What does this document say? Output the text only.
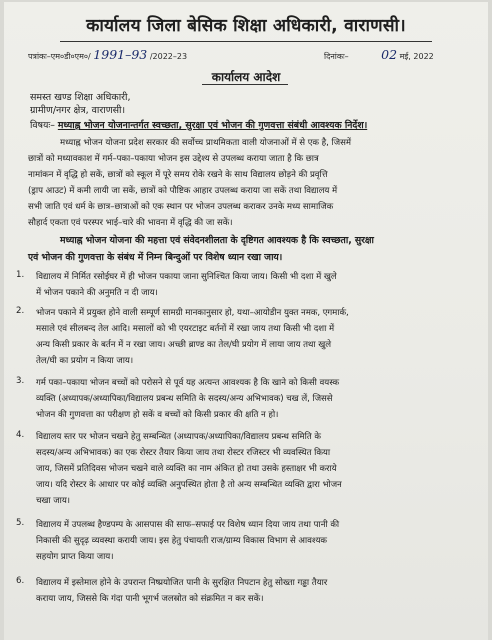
कार्यालय जिला बेसिक शिक्षा अधिकारी, वाराणसी।
पत्रांकः–एम०डी०एम०/ 1991–93 /2022–23	दिनांकः–	02 मई, 2022
कार्यालय आदेश
समस्त खण्ड शिक्षा अधिकारी,
ग्रामीण/नगर क्षेत्र, वाराणसी।
विषयः– मध्याह्न भोजन योजनान्तर्गत स्वच्छता, सुरक्षा एवं भोजन की गुणवत्ता संबंधी आवश्यक निर्देश।
मध्याह्न भोजन योजना प्रदेश सरकार की सर्वोच्च प्राथमिकता वाली योजनाओं में से एक है, जिसमें
छात्रों को मध्यावकाश में गर्म–पका–पकाया भोजन इस उद्देश्य से उपलब्ध कराया जाता है कि छात्र
नामांकन में वृद्धि हो सकें, छात्रों को स्कूल में पूरे समय रोके रखने के साथ विद्यालय छोड़ने की प्रवृत्ति
(ड्राप आउट) में कमी लायी जा सकें, छात्रों को पौष्टिक आहार उपलब्ध कराया जा सकें तथा विद्यालय में
सभी जाति एवं धर्म के छात्र–छात्राओं को एक स्थान पर भोजन उपलब्ध कराकर उनके मध्य सामाजिक
सौहार्द एकता एवं परस्पर भाई–चारे की भावना में वृद्धि की जा सकें।
मध्याह्न भोजन योजना की महत्ता एवं संवेदनशीलता के दृष्टिगत आवश्यक है कि स्वच्छता, सुरक्षा
एवं भोजन की गुणवत्ता के संबंध में निम्न बिन्दुओं पर विशेष ध्यान रखा जाय।
1. विद्यालय में निर्मित रसोईघर में ही भोजन पकाया जाना सुनिश्चित किया जाय। किसी भी दशा में खुले
में भोजन पकाने की अनुमति न दी जाय।
2. भोजन पकाने में प्रयुक्त होने वाली सम्पूर्ण सामग्री मानकानुसार हो, यथा–आयोडीन युक्त नमक, एगमार्क,
मसाले एवं सीलबन्द तेल आदि। मसालों को भी एयरटाइट बर्तनों में रखा जाय तथा किसी भी दशा में
अन्य किसी प्रकार के बर्तन में न रखा जाय। अच्छी ब्राण्ड का तेल/घी प्रयोग में लाया जाय तथा खुले
तेल/घी का प्रयोग न किया जाय।
3. गर्म पका–पकाया भोजन बच्चों को परोसने से पूर्व यह अत्यन्त आवश्यक है कि खाने को किसी वयस्क
व्यक्ति (अध्यापक/अध्यापिका/विद्यालय प्रबन्ध समिति के सदस्य/अन्य अभिभावक) चख लें, जिससे
भोजन की गुणवत्ता का परीक्षण हो सकें व बच्चों को किसी प्रकार की क्षति न हो।
4. विद्यालय स्तर पर भोजन चखने हेतु सम्बन्धित (अध्यापक/अध्यापिका/विद्यालय प्रबन्ध समिति के
सदस्य/अन्य अभिभावक) का एक रोस्टर तैयार किया जाय तथा रोस्टर रजिस्टर भी व्यवस्थित किया
जाय, जिसमें प्रतिदिवस भोजन चखने वाले व्यक्ति का नाम अंकित हो तथा उसके हस्ताक्षर भी कराये
जाय। यदि रोस्टर के आधार पर कोई व्यक्ति अनुपस्थित होता है तो अन्य सम्बन्धित व्यक्ति द्वारा भोजन
चखा जाय।
5. विद्यालय में उपलब्ध हैण्डपम्प के आसपास की साफ–सफाई पर विशेष ध्यान दिया जाय तथा पानी की
निकासी की सुदृढ़ व्यवस्था करायी जाय। इस हेतु पंचायती राज/ग्राम्य विकास विभाग से आवश्यक
सहयोग प्राप्त किया जाय।
6. विद्यालय में इस्तेमाल होने के उपरान्त निष्प्रयोजित पानी के सुरक्षित निपटान हेतु सोख्ता गड्ढा तैयार
कराया जाय, जिससे कि गंदा पानी भूगर्भ जलस्रोत को संक्रमित न कर सकें।
